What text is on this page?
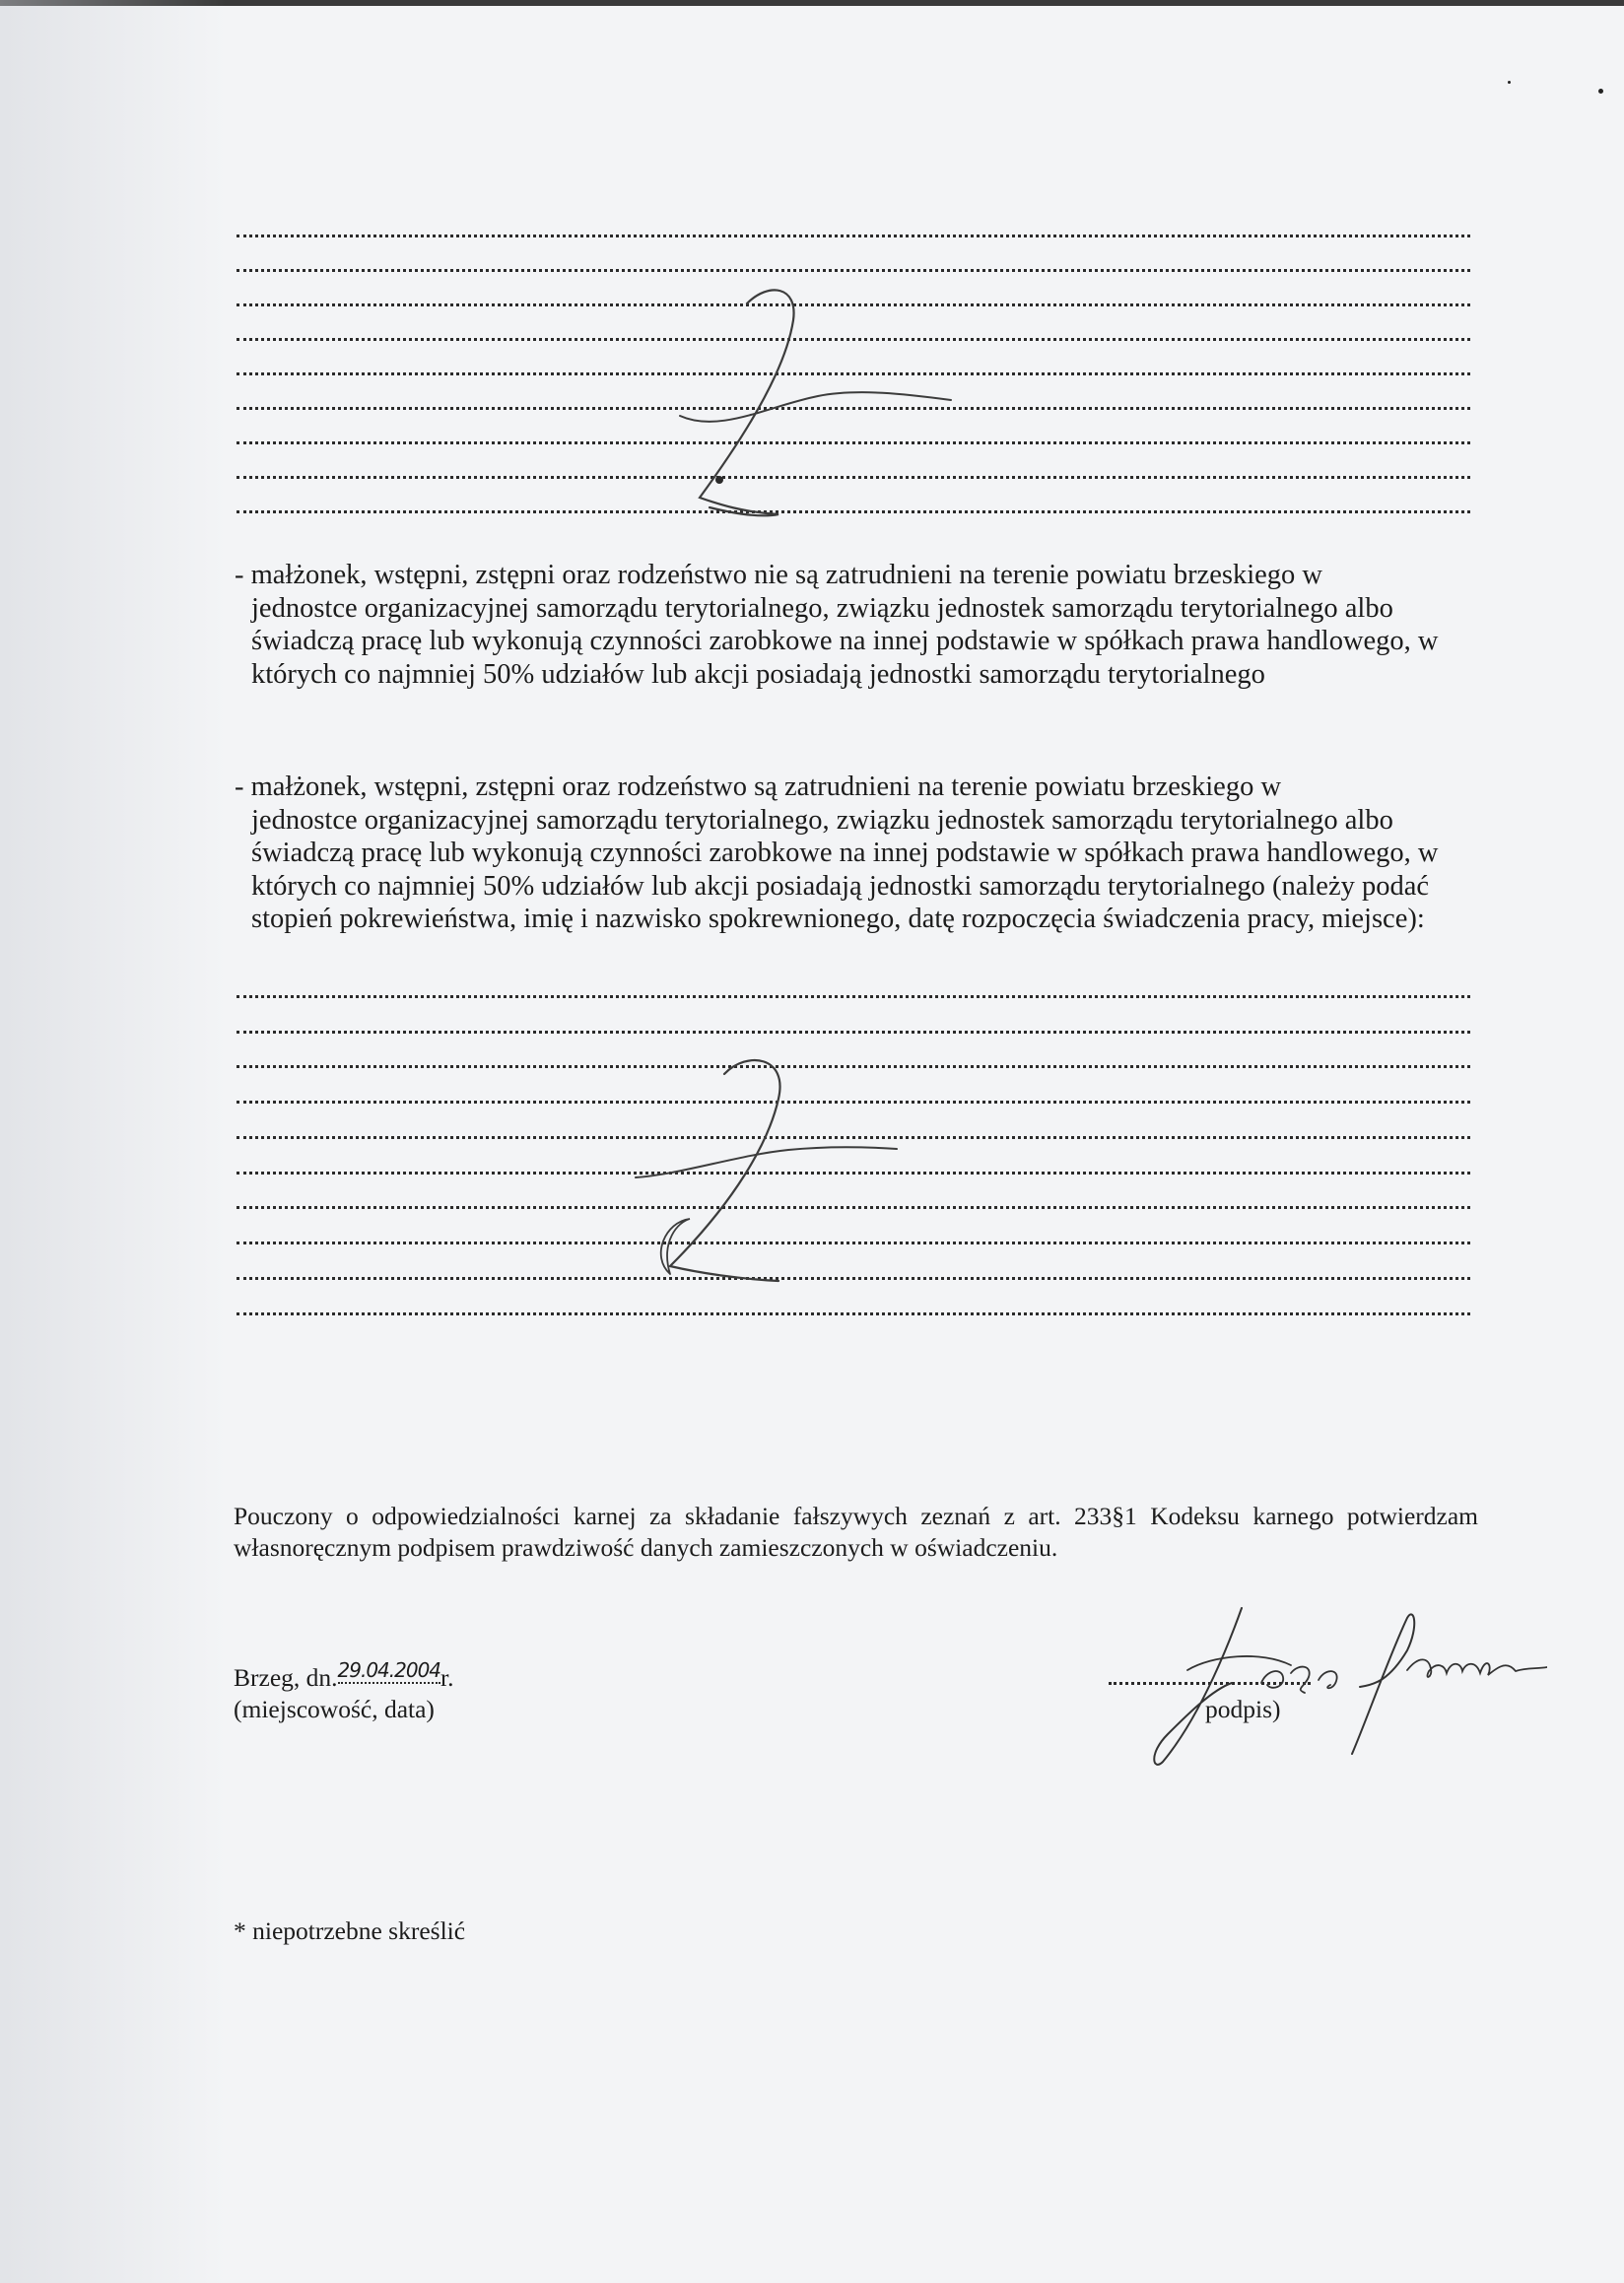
- małżonek, wstępni, zstępni oraz rodzeństwo nie są zatrudnieni na terenie powiatu brzeskiego w
jednostce organizacyjnej samorządu terytorialnego, związku jednostek samorządu terytorialnego albo świadczą pracę lub wykonują czynności zarobkowe na innej podstawie w spółkach prawa handlowego, w których co najmniej 50% udziałów lub akcji posiadają jednostki samorządu terytorialnego
- małżonek, wstępni, zstępni oraz rodzeństwo są zatrudnieni na terenie powiatu brzeskiego w
jednostce organizacyjnej samorządu terytorialnego, związku jednostek samorządu terytorialnego albo świadczą pracę lub wykonują czynności zarobkowe na innej podstawie w spółkach prawa handlowego, w których co najmniej 50% udziałów lub akcji posiadają jednostki samorządu terytorialnego (należy podać stopień pokrewieństwa, imię i nazwisko spokrewnionego, datę rozpoczęcia świadczenia pracy, miejsce):
Pouczony o odpowiedzialności karnej za składanie fałszywych zeznań z art. 233§1 Kodeksu karnego potwierdzam własnoręcznym podpisem prawdziwość danych zamieszczonych w oświadczeniu.
Brzeg, dn.$^{29.04.2004}$r.
(miejscowość, data)	podpis)
* niepotrzebne skreślić
